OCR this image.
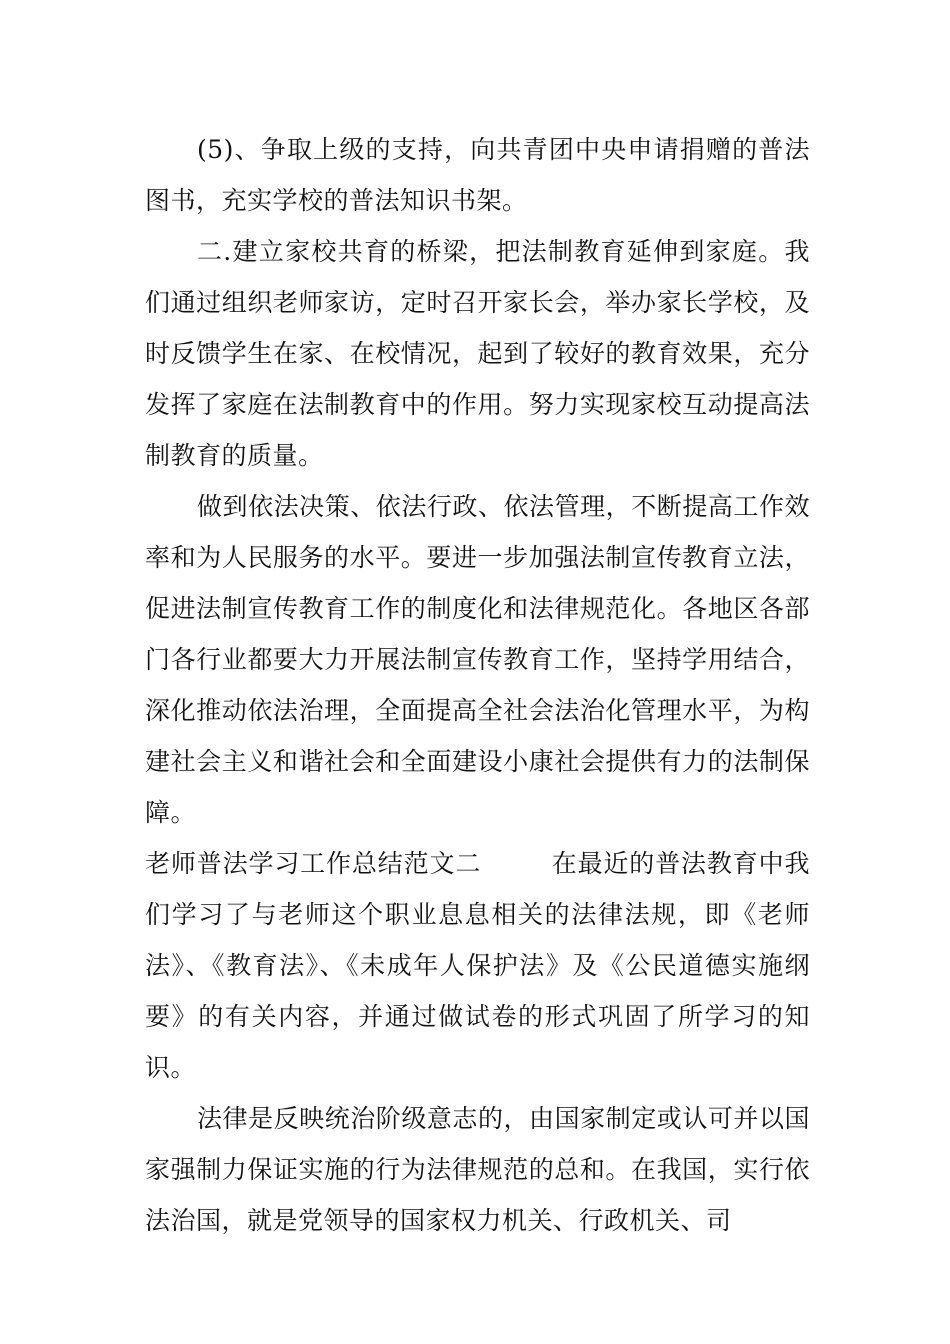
(5)、争取上级的支持，向共青团中央申请捐赠的普法图书，充实学校的普法知识书架。

二.建立家校共育的桥梁，把法制教育延伸到家庭。我们通过组织老师家访，定时召开家长会，举办家长学校，及时反馈学生在家、在校情况，起到了较好的教育效果，充分发挥了家庭在法制教育中的作用。努力实现家校互动提高法制教育的质量。

做到依法决策、依法行政、依法管理，不断提高工作效率和为人民服务的水平。要进一步加强法制宣传教育立法，促进法制宣传教育工作的制度化和法律规范化。各地区各部门各行业都要大力开展法制宣传教育工作，坚持学用结合，深化推动依法治理，全面提高全社会法治化管理水平，为构建社会主义和谐社会和全面建设小康社会提供有力的法制保障。

老师普法学习工作总结范文二	在最近的普法教育中我们学习了与老师这个职业息息相关的法律法规，即《老师法》、《教育法》、《未成年人保护法》及《公民道德实施纲要》的有关内容，并通过做试卷的形式巩固了所学习的知识。

法律是反映统治阶级意志的，由国家制定或认可并以国家强制力保证实施的行为法律规范的总和。在我国，实行依法治国，就是党领导的国家权力机关、行政机关、司
